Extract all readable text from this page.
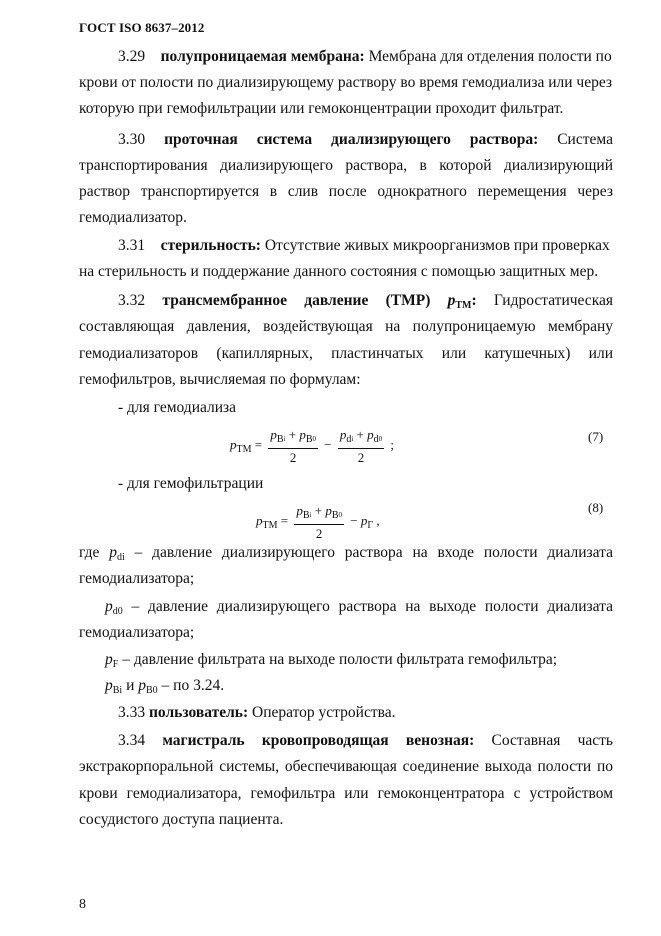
ГОСТ ISO 8637–2012
3.29 полупроницаемая мембрана: Мембрана для отделения полости по
крови от полости по диализирующему раствору во время гемодиализа или через
которую при гемофильтрации или гемоконцентрации проходит фильтрат.
3.30 проточная система диализирующего раствора: Система
транспортирования диализирующего раствора, в которой диализирующий
раствор транспортируется в слив после однократного перемещения через
гемодиализатор.
3.31 стерильность: Отсутствие живых микроорганизмов при проверках
на стерильность и поддержание данного состояния с помощью защитных мер.
3.32 трансмембранное давление (TMP) $p_{TM}$: Гидростатическая
составляющая давления, воздействующая на полупроницаемую мембрану
гемодиализаторов (капиллярных, пластинчатых или катушечных) или
гемофильтров, вычисляемая по формулам:
- для гемодиализа
$p_{TM} = \frac{p_Bi + p_B0}{2} - \frac{p_di + p_d0}{2}$ ;
(7)
- для гемофильтрации
$p_{TM} = \frac{p_Bi + p_B0}{2} - p_Г$ ,
(8)
где $p_{di}$ – давление диализирующего раствора на входе полости диализата
гемодиализатора;
$p_{d0}$ – давление диализирующего раствора на выходе полости диализата
гемодиализатора;
$p_F$ – давление фильтрата на выходе полости фильтрата гемофильтра;
$p_{Bi}$ и $p_{B0}$ – по 3.24.
3.33 пользователь: Оператор устройства.
3.34 магистраль кровопроводящая венозная: Составная часть
экстракорпоральной системы, обеспечивающая соединение выхода полости по
крови гемодиализатора, гемофильтра или гемоконцентратора с устройством
сосудистого доступа пациента.
8
